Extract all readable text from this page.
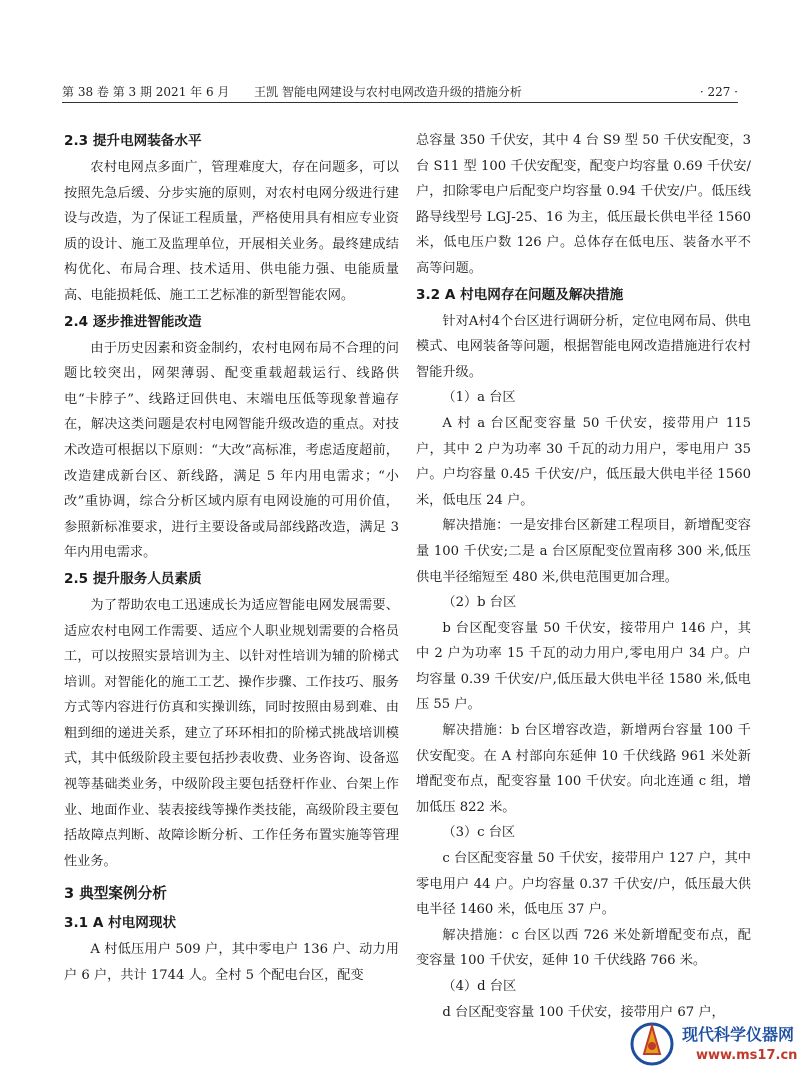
第 38 卷 第 3 期 2021 年 6 月 王凯 智能电网建设与农村电网改造升级的措施分析	· 227 ·
2.3 提升电网装备水平

农村电网点多面广，管理难度大，存在问题多，可以按照先急后缓、分步实施的原则，对农村电网分级进行建设与改造，为了保证工程质量，严格使用具有相应专业资质的设计、施工及监理单位，开展相关业务。最终建成结构优化、布局合理、技术适用、供电能力强、电能质量高、电能损耗低、施工工艺标准的新型智能农网。

2.4 逐步推进智能改造

由于历史因素和资金制约，农村电网布局不合理的问题比较突出，网架薄弱、配变重载超载运行、线路供电“卡脖子”、线路迂回供电、末端电压低等现象普遍存在，解决这类问题是农村电网智能升级改造的重点。对技术改造可根据以下原则：“大改”高标准，考虑适度超前，改造建成新台区、新线路，满足 5 年内用电需求；“小改”重协调，综合分析区域内原有电网设施的可用价值，参照新标准要求，进行主要设备或局部线路改造，满足 3 年内用电需求。

2.5 提升服务人员素质

为了帮助农电工迅速成长为适应智能电网发展需要、适应农村电网工作需要、适应个人职业规划需要的合格员工，可以按照实景培训为主、以针对性培训为辅的阶梯式培训。对智能化的施工工艺、操作步骤、工作技巧、服务方式等内容进行仿真和实操训练，同时按照由易到难、由粗到细的递进关系，建立了环环相扣的阶梯式挑战培训模式，其中低级阶段主要包括抄表收费、业务咨询、设备巡视等基础类业务，中级阶段主要包括登杆作业、台架上作业、地面作业、装表接线等操作类技能，高级阶段主要包括故障点判断、故障诊断分析、工作任务布置实施等管理性业务。

3 典型案例分析
3.1 A 村电网现状

A 村低压用户 509 户，其中零电户 136 户、动力用户 6 户，共计 1744 人。全村 5 个配电台区，配变

总容量 350 千伏安，其中 4 台 S9 型 50 千伏安配变，3 台 S11 型 100 千伏安配变，配变户均容量 0.69 千伏安/户，扣除零电户后配变户均容量 0.94 千伏安/户。低压线路导线型号 LGJ-25、16 为主，低压最长供电半径 1560 米，低电压户数 126 户。总体存在低电压、装备水平不高等问题。

3.2 A 村电网存在问题及解决措施

针对A村4个台区进行调研分析，定位电网布局、供电模式、电网装备等问题，根据智能电网改造措施进行农村智能升级。

（1）a 台区

A 村 a 台区配变容量 50 千伏安，接带用户 115 户，其中 2 户为功率 30 千瓦的动力用户，零电用户 35 户。户均容量 0.45 千伏安/户，低压最大供电半径 1560 米，低电压 24 户。

解决措施：一是安排台区新建工程项目，新增配变容量 100 千伏安;二是 a 台区原配变位置南移 300 米,低压供电半径缩短至 480 米,供电范围更加合理。

（2）b 台区

b 台区配变容量 50 千伏安，接带用户 146 户，其中 2 户为功率 15 千瓦的动力用户,零电用户 34 户。户均容量 0.39 千伏安/户,低压最大供电半径 1580 米,低电压 55 户。

解决措施：b 台区增容改造，新增两台容量 100 千伏安配变。在 A 村部向东延伸 10 千伏线路 961 米处新增配变布点，配变容量 100 千伏安。向北连通 c 组，增加低压 822 米。

（3）c 台区

c 台区配变容量 50 千伏安，接带用户 127 户，其中零电用户 44 户。户均容量 0.37 千伏安/户，低压最大供电半径 1460 米，低电压 37 户。

解决措施：c 台区以西 726 米处新增配变布点，配变容量 100 千伏安，延伸 10 千伏线路 766 米。

（4）d 台区

d 台区配变容量 100 千伏安，接带用户 67 户，

现代科学仪器网
www.ms17.cn
